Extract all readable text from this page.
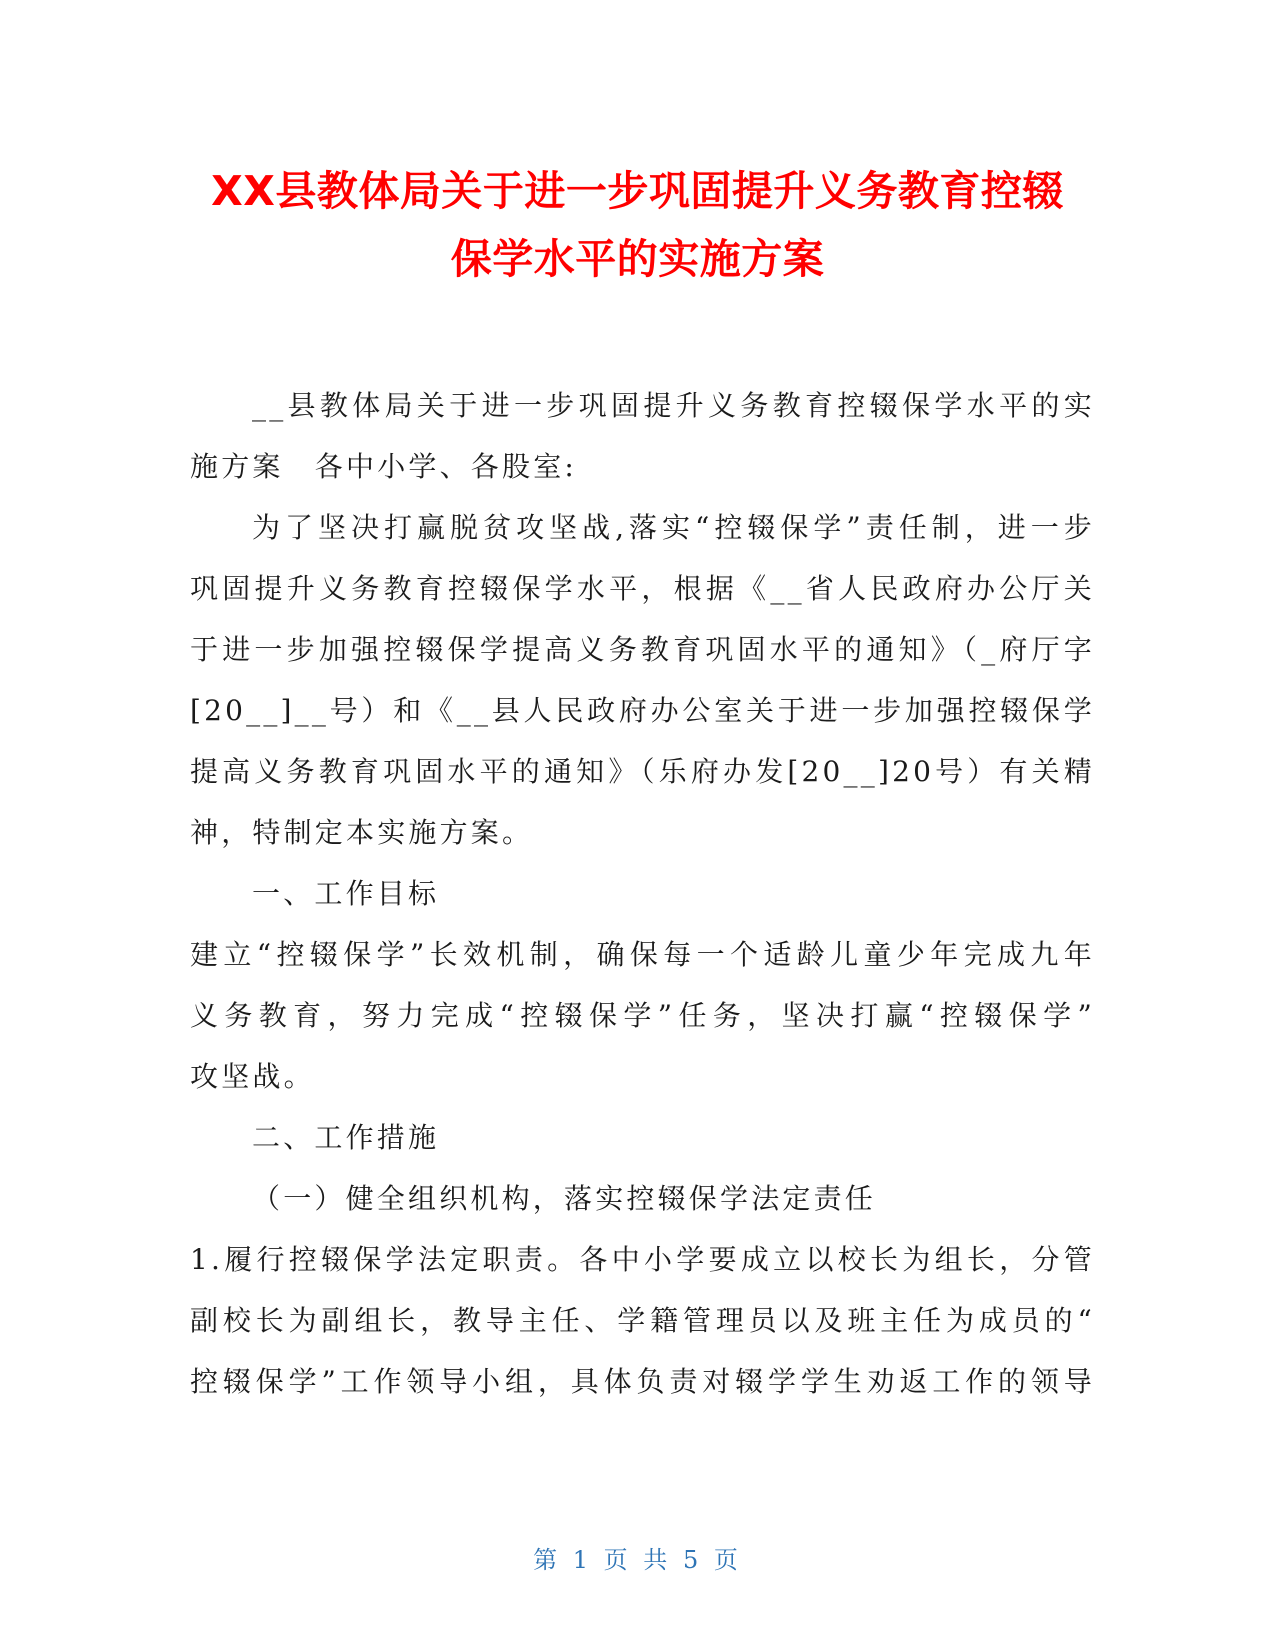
XX县教体局关于进一步巩固提升义务教育控辍
保学水平的实施方案
__县教体局关于进一步巩固提升义务教育控辍保学水平的实
施方案　各中小学、各股室:
为了坚决打赢脱贫攻坚战,落实“控辍保学”责任制，进一步
巩固提升义务教育控辍保学水平，根据《__省人民政府办公厅关
于进一步加强控辍保学提高义务教育巩固水平的通知》（_府厅字
[20__]__号）和《__县人民政府办公室关于进一步加强控辍保学
提高义务教育巩固水平的通知》（乐府办发[20__]20号）有关精
神，特制定本实施方案。
一、工作目标
建立“控辍保学”长效机制，确保每一个适龄儿童少年完成九年
义务教育，努力完成“控辍保学”任务，坚决打赢“控辍保学”
攻坚战。
二、工作措施
（一）健全组织机构，落实控辍保学法定责任
1.履行控辍保学法定职责。各中小学要成立以校长为组长，分管
副校长为副组长，教导主任、学籍管理员以及班主任为成员的“
控辍保学”工作领导小组，具体负责对辍学学生劝返工作的领导
第 1 页 共 5 页
